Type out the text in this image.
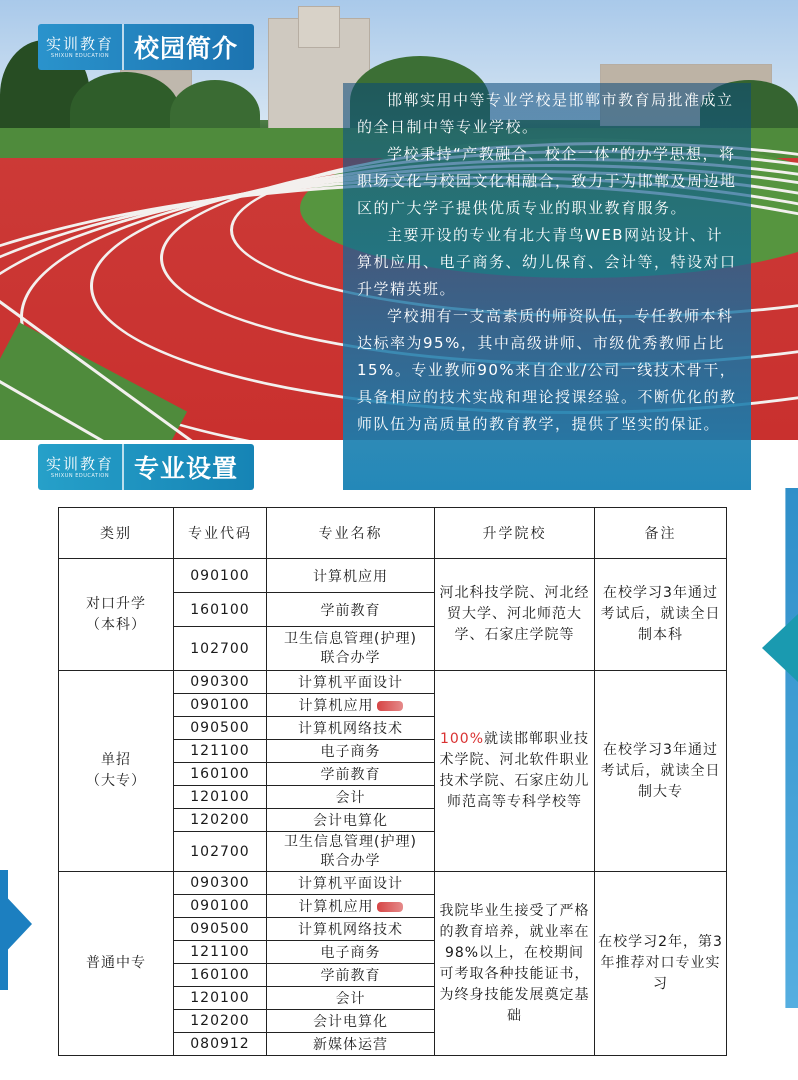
实训教育
SHIXUN EDUCATION 校园简介

邯郸实用中等专业学校是邯郸市教育局批准成立的全日制中等专业学校。

学校秉持“产教融合、校企一体”的办学思想，将职场文化与校园文化相融合，致力于为邯郸及周边地区的广大学子提供优质专业的职业教育服务。

主要开设的专业有北大青鸟WEB网站设计、计算机应用、电子商务、幼儿保育、会计等，特设对口升学精英班。

学校拥有一支高素质的师资队伍，专任教师本科达标率为95%，其中高级讲师、市级优秀教师占比15%。专业教师90%来自企业/公司一线技术骨干，具备相应的技术实战和理论授课经验。不断优化的教师队伍为高质量的教育教学，提供了坚实的保证。

实训教育
SHIXUN EDUCATION 专业设置
类别	专业代码	专业名称	升学院校	备注
对口升学
（本科）	090100	计算机应用	河北科技学院、河北经贸大学、河北师范大学、石家庄学院等	在校学习3年通过考试后，就读全日制本科
	160100	学前教育		
	102700	卫生信息管理(护理)
联合办学		
单招
（大专）	090300	计算机平面设计	100%就读邯郸职业技术学院、河北软件职业技术学院、石家庄幼儿师范高等专科学校等	在校学习3年通过考试后，就读全日制大专
	090100	计算机应用		
	090500	计算机网络技术		
	121100	电子商务		
	160100	学前教育		
	120100	会计		
	120200	会计电算化		
	102700	卫生信息管理(护理)
联合办学		
普通中专	090300	计算机平面设计	我院毕业生接受了严格的教育培养，就业率在98%以上，在校期间可考取各种技能证书，为终身技能发展奠定基础	在校学习2年，第3年推荐对口专业实习
	090100	计算机应用		
	090500	计算机网络技术		
	121100	电子商务		
	160100	学前教育		
	120100	会计		
	120200	会计电算化		
	080912	新媒体运营		
